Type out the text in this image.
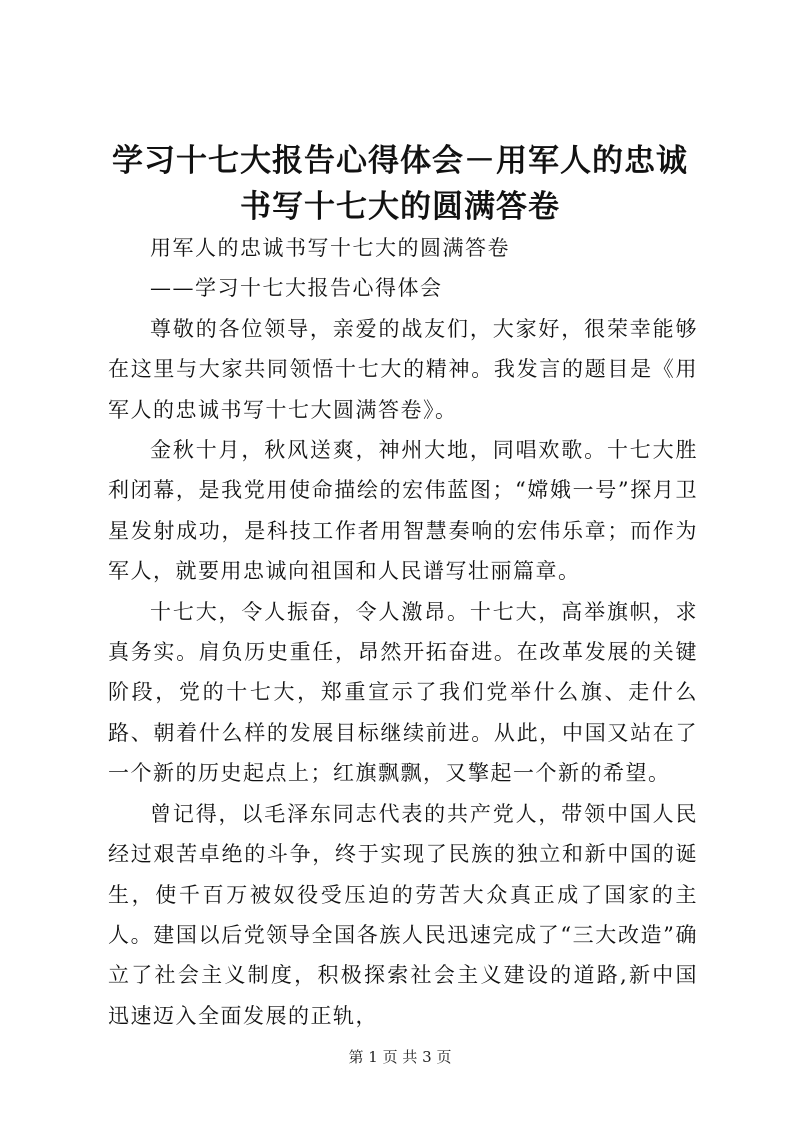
学习十七大报告心得体会－用军人的忠诚书写十七大的圆满答卷

用军人的忠诚书写十七大的圆满答卷

——学习十七大报告心得体会

尊敬的各位领导，亲爱的战友们，大家好，很荣幸能够在这里与大家共同领悟十七大的精神。我发言的题目是《用军人的忠诚书写十七大圆满答卷》。

金秋十月，秋风送爽，神州大地，同唱欢歌。十七大胜利闭幕，是我党用使命描绘的宏伟蓝图；“嫦娥一号”探月卫星发射成功，是科技工作者用智慧奏响的宏伟乐章；而作为军人，就要用忠诚向祖国和人民谱写壮丽篇章。

十七大，令人振奋，令人激昂。十七大，高举旗帜，求真务实。肩负历史重任，昂然开拓奋进。在改革发展的关键阶段，党的十七大，郑重宣示了我们党举什么旗、走什么路、朝着什么样的发展目标继续前进。从此，中国又站在了一个新的历史起点上；红旗飘飘，又擎起一个新的希望。

曾记得，以毛泽东同志代表的共产党人，带领中国人民经过艰苦卓绝的斗争，终于实现了民族的独立和新中国的诞生，使千百万被奴役受压迫的劳苦大众真正成了国家的主人。建国以后党领导全国各族人民迅速完成了“三大改造”确立了社会主义制度，积极探索社会主义建设的道路,新中国迅速迈入全面发展的正轨，

第 1 页 共 3 页
